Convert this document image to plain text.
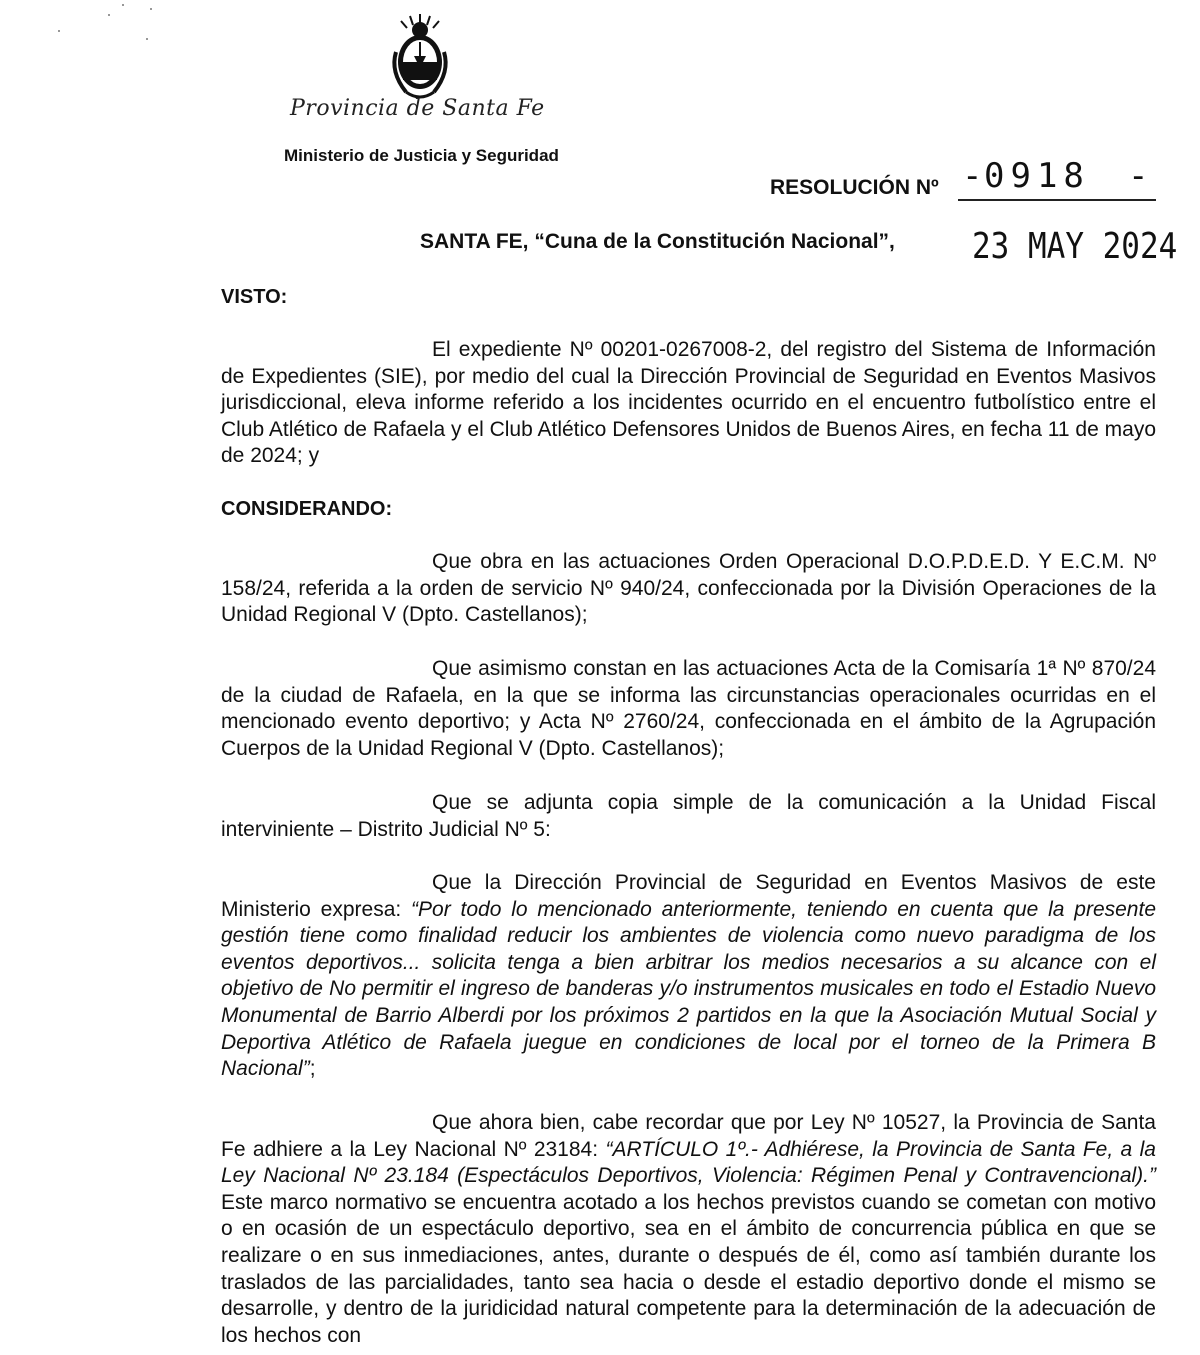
Provincia de Santa Fe
Ministerio de Justicia y Seguridad
RESOLUCIÓN Nº - 0918 -
SANTA FE, “Cuna de la Constitución Nacional”, 23 MAY 2024
VISTO:
El expediente Nº 00201-0267008-2, del registro del Sistema de Información de Expedientes (SIE), por medio del cual la Dirección Provincial de Seguridad en Eventos Masivos jurisdiccional, eleva informe referido a los incidentes ocurrido en el encuentro futbolístico entre el Club Atlético de Rafaela y el Club Atlético Defensores Unidos de Buenos Aires, en fecha 11 de mayo de 2024; y
CONSIDERANDO:
Que obra en las actuaciones Orden Operacional D.O.P.D.E.D. Y E.C.M. Nº 158/24, referida a la orden de servicio Nº 940/24, confeccionada por la División Operaciones de la Unidad Regional V (Dpto. Castellanos);
Que asimismo constan en las actuaciones Acta de la Comisaría 1ª Nº 870/24 de la ciudad de Rafaela, en la que se informa las circunstancias operacionales ocurridas en el mencionado evento deportivo; y Acta Nº 2760/24, confeccionada en el ámbito de la Agrupación Cuerpos de la Unidad Regional V (Dpto. Castellanos);
Que se adjunta copia simple de la comunicación a la Unidad Fiscal interviniente – Distrito Judicial Nº 5:
Que la Dirección Provincial de Seguridad en Eventos Masivos de este Ministerio expresa: “Por todo lo mencionado anteriormente, teniendo en cuenta que la presente gestión tiene como finalidad reducir los ambientes de violencia como nuevo paradigma de los eventos deportivos... solicita tenga a bien arbitrar los medios necesarios a su alcance con el objetivo de No permitir el ingreso de banderas y/o instrumentos musicales en todo el Estadio Nuevo Monumental de Barrio Alberdi por los próximos 2 partidos en la que la Asociación Mutual Social y Deportiva Atlético de Rafaela juegue en condiciones de local por el torneo de la Primera B Nacional”;
Que ahora bien, cabe recordar que por Ley Nº 10527, la Provincia de Santa Fe adhiere a la Ley Nacional Nº 23184: “ARTÍCULO 1º.- Adhiérese, la Provincia de Santa Fe, a la Ley Nacional Nº 23.184 (Espectáculos Deportivos, Violencia: Régimen Penal y Contravencional).” Este marco normativo se encuentra acotado a los hechos previstos cuando se cometan con motivo o en ocasión de un espectáculo deportivo, sea en el ámbito de concurrencia pública en que se realizare o en sus inmediaciones, antes, durante o después de él, como así también durante los traslados de las parcialidades, tanto sea hacia o desde el estadio deportivo donde el mismo se desarrolle, y dentro de la juridicidad natural competente para la determinación de la adecuación de los hechos con
